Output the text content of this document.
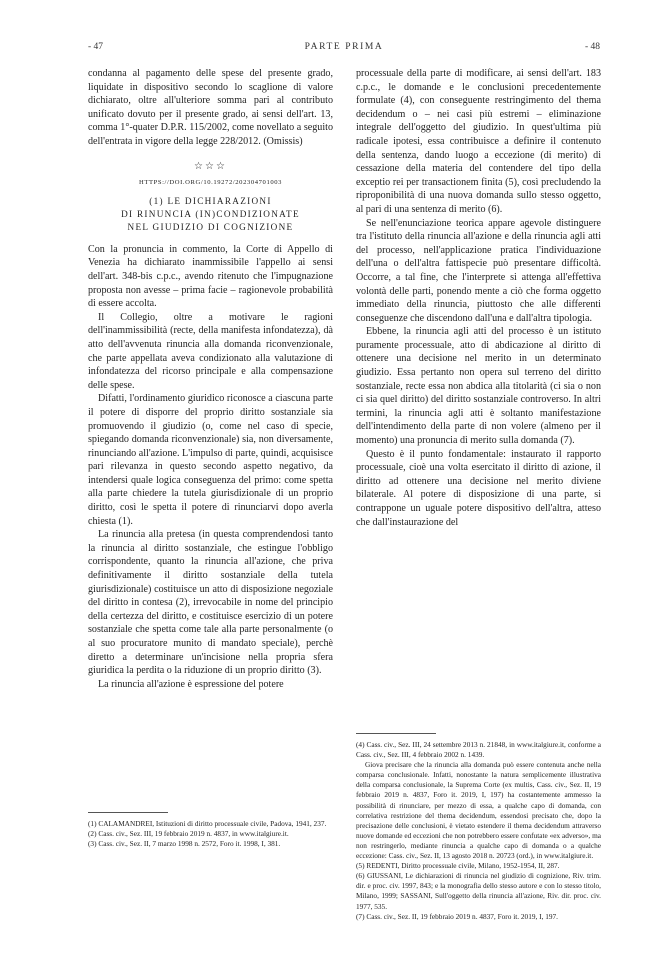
- 47	PARTE PRIMA	- 48

condanna al pagamento delle spese del presente grado, liquidate in dispositivo secondo lo scaglione di valore dichiarato, oltre all'ulteriore somma pari al contributo unificato dovuto per il presente grado, ai sensi dell'art. 13, comma 1°-quater D.P.R. 115/2002, come novellato a seguito dell'entrata in vigore della legge 228/2012. (Omissis)

☆☆☆
HTTPS://DOI.ORG/10.19272/202304701003
(1) LE DICHIARAZIONI
DI RINUNCIA (IN)CONDIZIONATE
NEL GIUDIZIO DI COGNIZIONE

Con la pronuncia in commento, la Corte di Appello di Venezia ha dichiarato inammissibile l'appello ai sensi dell'art. 348-bis c.p.c., avendo ritenuto che l'impugnazione proposta non avesse – prima facie – ragionevole probabilità di essere accolta.

Il Collegio, oltre a motivare le ragioni dell'inammissibilità (recte, della manifesta infondatezza), dà atto dell'avvenuta rinuncia alla domanda riconvenzionale, che parte appellata aveva condizionato alla valutazione di infondatezza del ricorso principale e alla compensazione delle spese.

Difatti, l'ordinamento giuridico riconosce a ciascuna parte il potere di disporre del proprio diritto sostanziale sia promuovendo il giudizio (o, come nel caso di specie, spiegando domanda riconvenzionale) sia, non diversamente, rinunciando all'azione. L'impulso di parte, quindi, acquisisce pari rilevanza in questo secondo aspetto negativo, da intendersi quale logica conseguenza del primo: come spetta alla parte chiedere la tutela giurisdizionale di un proprio diritto, così le spetta il potere di rinunciarvi dopo averla chiesta (1).

La rinuncia alla pretesa (in questa comprendendosi tanto la rinuncia al diritto sostanziale, che estingue l'obbligo corrispondente, quanto la rinuncia all'azione, che priva definitivamente il diritto sostanziale della tutela giurisdizionale) costituisce un atto di disposizione negoziale del diritto in contesa (2), irrevocabile in nome del principio della certezza del diritto, e costituisce esercizio di un potere sostanziale che spetta come tale alla parte personalmente (o al suo procuratore munito di mandato speciale), perchè diretto a determinare un'incisione nella propria sfera giuridica la perdita o la riduzione di un proprio diritto (3).

La rinuncia all'azione è espressione del potere

(1) CALAMANDREI, Istituzioni di diritto processuale civile, Padova, 1941, 237.

(2) Cass. civ., Sez. III, 19 febbraio 2019 n. 4837, in www.italgiure.it.

(3) Cass. civ., Sez. II, 7 marzo 1998 n. 2572, Foro it. 1998, I, 381.

processuale della parte di modificare, ai sensi dell'art. 183 c.p.c., le domande e le conclusioni precedentemente formulate (4), con conseguente restringimento del thema decidendum o – nei casi più estremi – eliminazione integrale dell'oggetto del giudizio. In quest'ultima più radicale ipotesi, essa contribuisce a definire il contenuto della sentenza, dando luogo a eccezione (di merito) di cessazione della materia del contendere del tipo della exceptio rei per transactionem finita (5), così precludendo la riproponibilità di una nuova domanda sullo stesso oggetto, al pari di una sentenza di merito (6).

Se nell'enunciazione teorica appare agevole distinguere tra l'istituto della rinuncia all'azione e della rinuncia agli atti del processo, nell'applicazione pratica l'individuazione dell'una o dell'altra fattispecie può presentare difficoltà. Occorre, a tal fine, che l'interprete si attenga all'effettiva volontà delle parti, ponendo mente a ciò che forma oggetto immediato della rinuncia, piuttosto che alle differenti conseguenze che discendono dall'una e dall'altra tipologia.

Ebbene, la rinuncia agli atti del processo è un istituto puramente processuale, atto di abdicazione al diritto di ottenere una decisione nel merito in un determinato giudizio. Essa pertanto non opera sul terreno del diritto sostanziale, recte essa non abdica alla titolarità (ci sia o non ci sia quel diritto) del diritto sostanziale controverso. In altri termini, la rinuncia agli atti è soltanto manifestazione dell'intendimento della parte di non volere (almeno per il momento) una pronuncia di merito sulla domanda (7).

Questo è il punto fondamentale: instaurato il rapporto processuale, cioè una volta esercitato il diritto di azione, il diritto ad ottenere una decisione nel merito diviene bilaterale. Al potere di disposizione di una parte, si contrappone un uguale potere dispositivo dell'altra, atteso che dall'instaurazione del

(4) Cass. civ., Sez. III, 24 settembre 2013 n. 21848, in www.italgiure.it, conforme a Cass. civ., Sez. III, 4 febbraio 2002 n. 1439.

Giova precisare che la rinuncia alla domanda può essere contenuta anche nella comparsa conclusionale. Infatti, nonostante la natura semplicemente illustrativa della comparsa conclusionale, la Suprema Corte (ex multis, Cass. civ., Sez. II, 19 febbraio 2019 n. 4837, Foro it. 2019, I, 197) ha costantemente ammesso la possibilità di rinunciare, per mezzo di essa, a qualche capo di domanda, con correlativa restrizione del thema decidendum, essendosi precisato che, dopo la precisazione delle conclusioni, è vietato estendere il thema decidendum attraverso nuove domande ed eccezioni che non potrebbero essere confutate «ex adverso», ma non restringerlo, mediante rinuncia a qualche capo di domanda o a qualche eccezione: Cass. civ., Sez. II, 13 agosto 2018 n. 20723 (ord.), in www.italgiure.it.

(5) REDENTI, Diritto processuale civile, Milano, 1952-1954, II, 287.

(6) GIUSSANI, Le dichiarazioni di rinuncia nel giudizio di cognizione, Riv. trim. dir. e proc. civ. 1997, 843; e la monografia dello stesso autore e con lo stesso titolo, Milano, 1999; SASSANI, Sull'oggetto della rinuncia all'azione, Riv. dir. proc. civ. 1977, 535.

(7) Cass. civ., Sez. II, 19 febbraio 2019 n. 4837, Foro it. 2019, I, 197.
